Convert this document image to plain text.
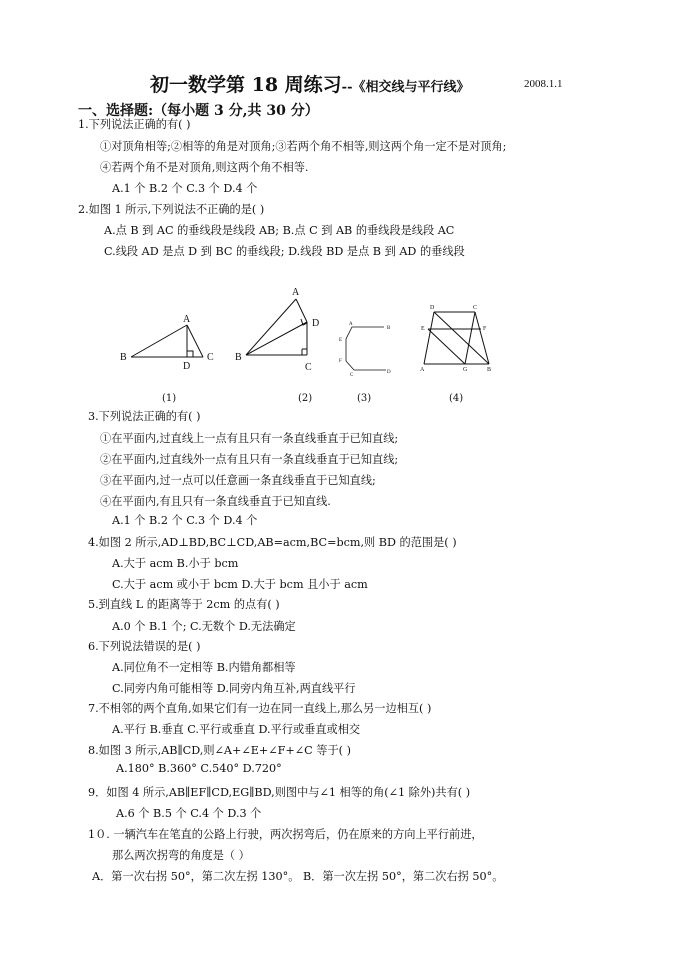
初一数学第 18 周练习--《相交线与平行线》	2008.1.1
一、选择题:（每小题 3 分,共 30 分）
1.下列说法正确的有( )
①对顶角相等;②相等的角是对顶角;③若两个角不相等,则这两个角一定不是对顶角;
④若两个角不是对顶角,则这两个角不相等.
A.1 个 B.2 个 C.3 个 D.4 个
2.如图 1 所示,下列说法不正确的是( )
A.点 B 到 AC 的垂线段是线段 AB; B.点 C 到 AB 的垂线段是线段 AC
C.线段 AD 是点 D 到 BC 的垂线段; D.线段 BD 是点 B 到 AD 的垂线段
3.下列说法正确的有( )
①在平面内,过直线上一点有且只有一条直线垂直于已知直线;
②在平面内,过直线外一点有且只有一条直线垂直于已知直线;
③在平面内,过一点可以任意画一条直线垂直于已知直线;
④在平面内,有且只有一条直线垂直于已知直线.
A.1 个 B.2 个 C.3 个 D.4 个
4.如图 2 所示,AD⊥BD,BC⊥CD,AB=acm,BC=bcm,则 BD 的范围是( )
A.大于 acm B.小于 bcm
C.大于 acm 或小于 bcm D.大于 bcm 且小于 acm
5.到直线 L 的距离等于 2cm 的点有( )
A.0 个 B.1 个; C.无数个 D.无法确定
6.下列说法错误的是( )
A.同位角不一定相等 B.内错角都相等
C.同旁内角可能相等 D.同旁内角互补,两直线平行
7.不相邻的两个直角,如果它们有一边在同一直线上,那么另一边相互( )
A.平行 B.垂直 C.平行或垂直 D.平行或垂直或相交
8.如图 3 所示,AB∥CD,则∠A+∠E+∠F+∠C 等于( )
A.180° B.360° C.540° D.720°
9．如图 4 所示,AB∥EF∥CD,EG∥BD,则图中与∠1 相等的角(∠1 除外)共有( )
A.6 个 B.5 个 C.4 个 D.3 个
1０. 一辆汽车在笔直的公路上行驶，两次拐弯后，仍在原来的方向上平行前进，
那么两次拐弯的角度是（ ）
A．第一次右拐 50°，第二次左拐 130°。 B．第一次左拐 50°，第二次右拐 50°。
A
B	C
D
(1)
A
B
C
D
(2)
B
A
E
F
C
D
(3)
D	C
E	F
A	G	B
(4)
